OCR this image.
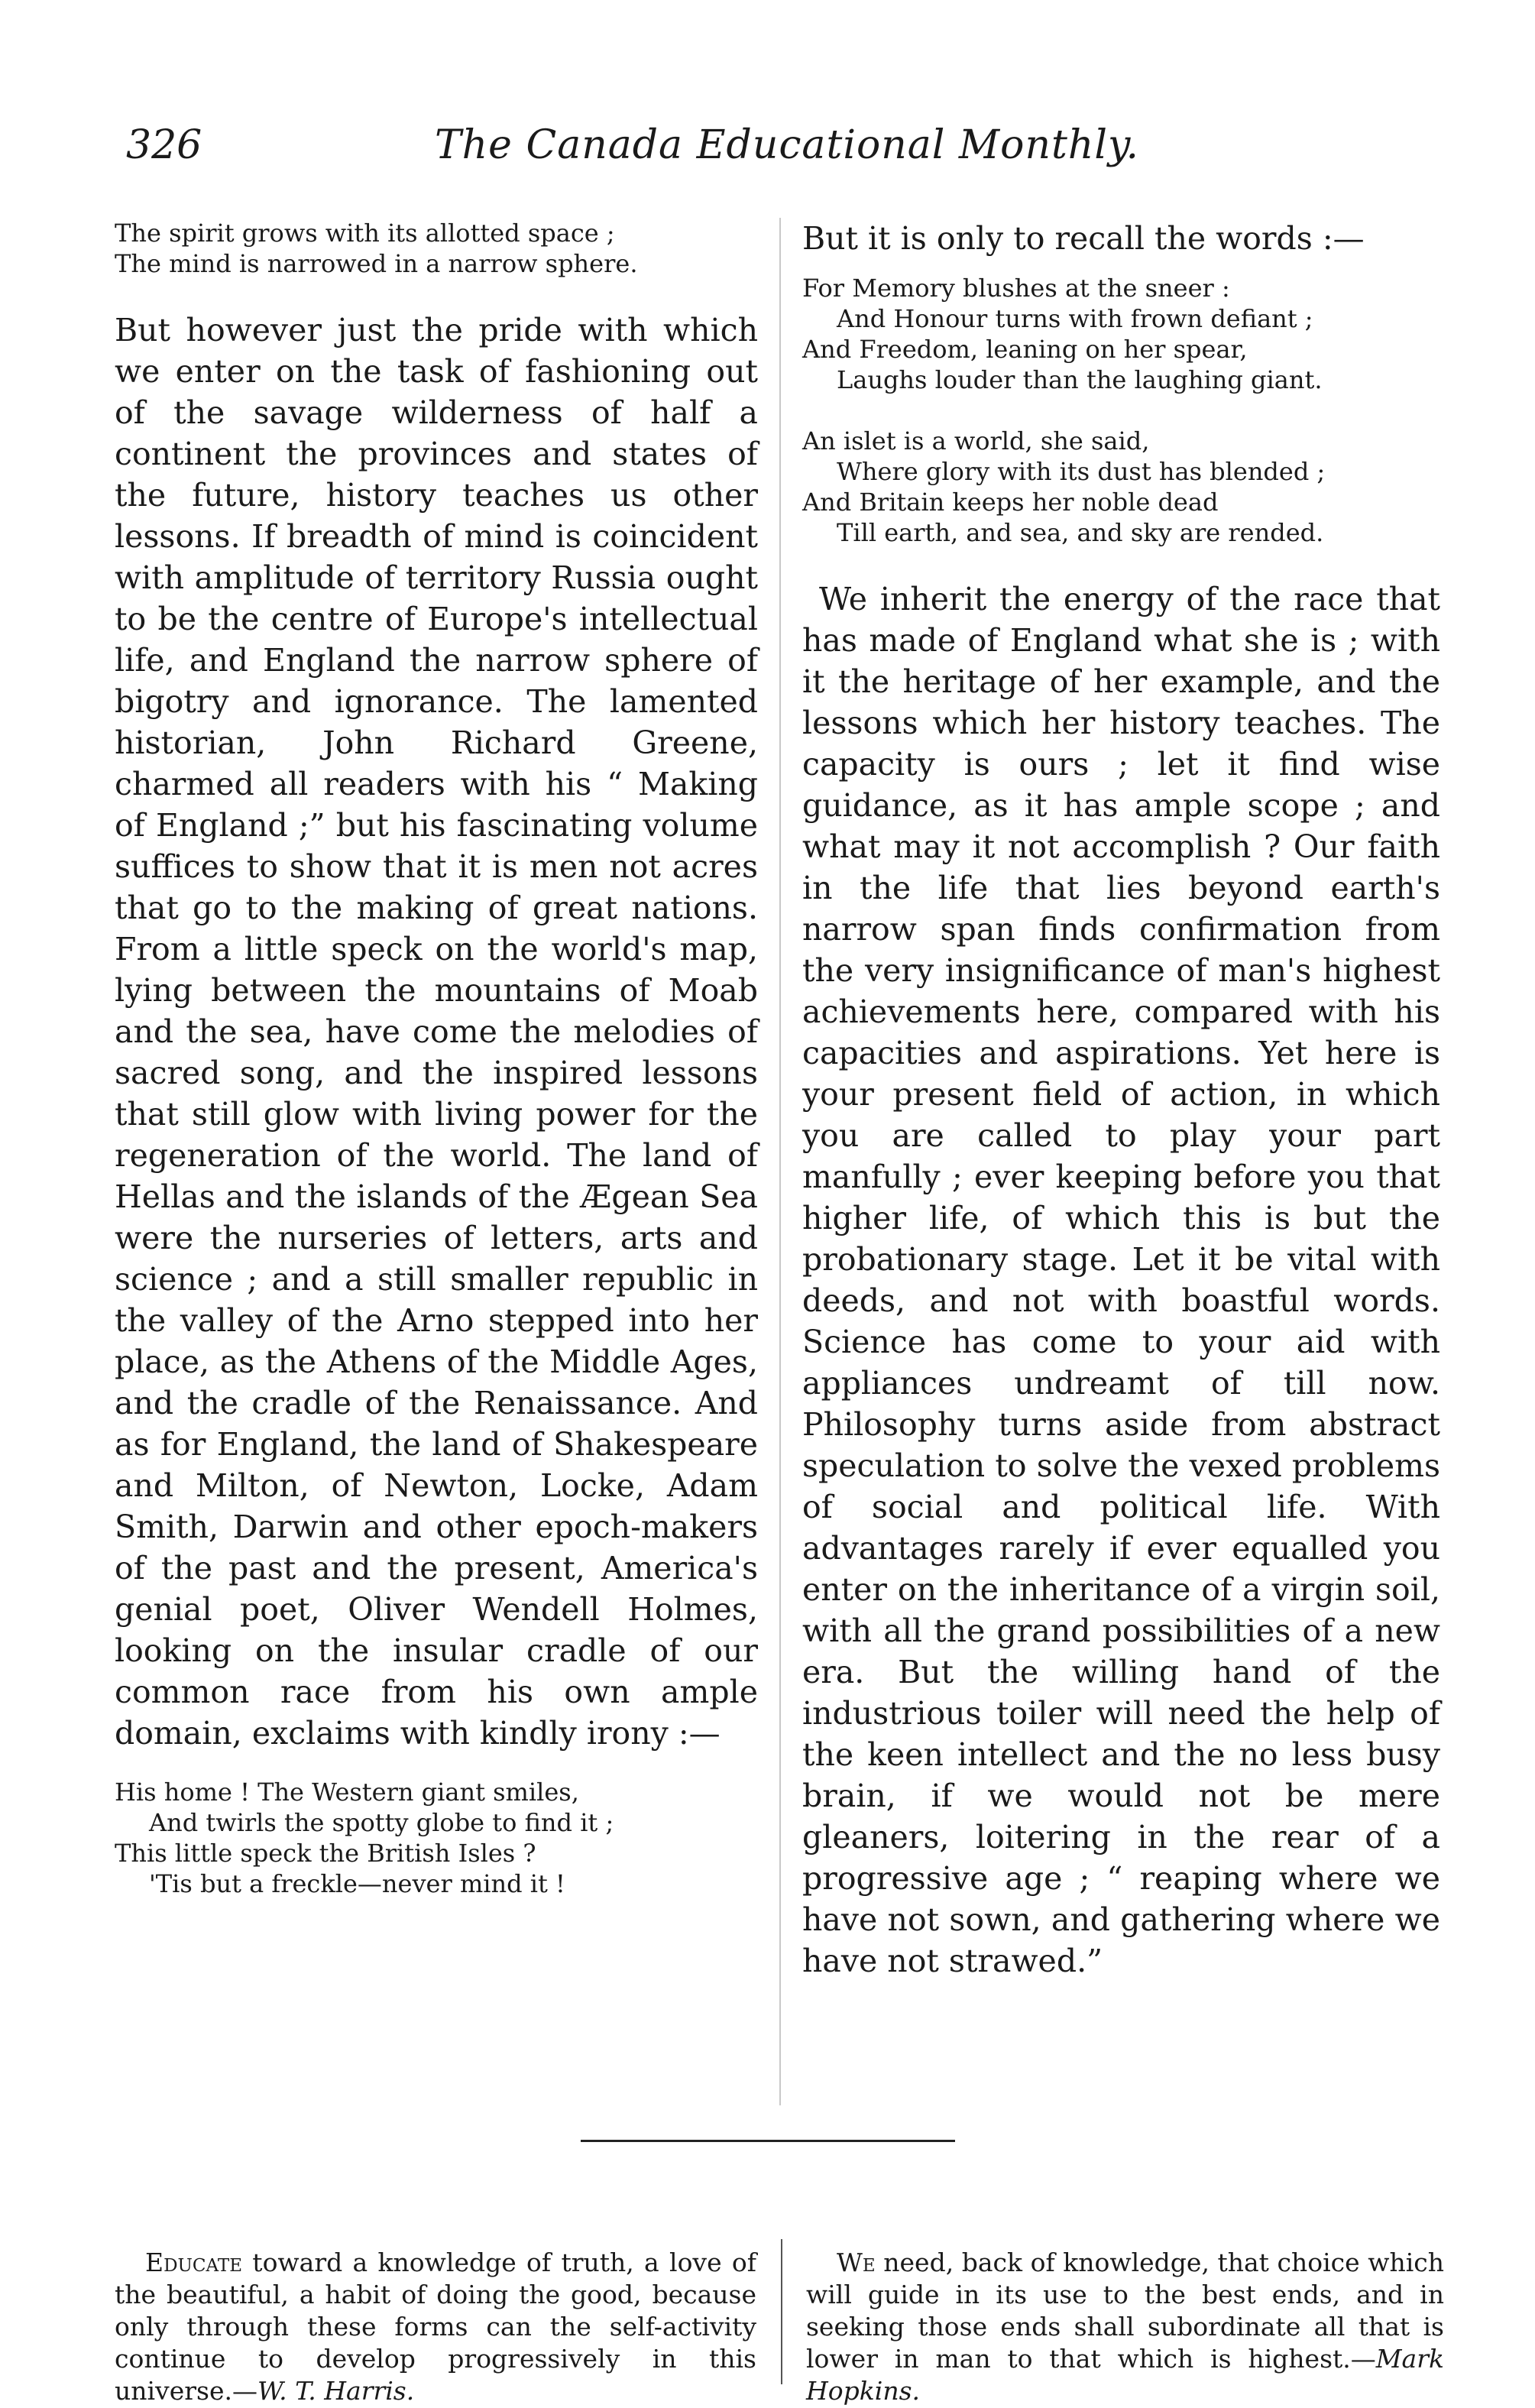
326	The Canada Educational Monthly.
The spirit grows with its allotted space ;
The mind is narrowed in a narrow sphere.

But however just the pride with which we enter on the task of fashioning out of the savage wilderness of half a continent the provinces and states of the future, history teaches us other lessons. If breadth of mind is coincident with amplitude of territory Russia ought to be the centre of Europe's intellectual life, and England the narrow sphere of bigotry and ignorance. The lamented historian, John Richard Greene, charmed all readers with his “ Making of England ;” but his fascinating volume suffices to show that it is men not acres that go to the making of great nations. From a little speck on the world's map, lying between the mountains of Moab and the sea, have come the melodies of sacred song, and the inspired lessons that still glow with living power for the regeneration of the world. The land of Hellas and the islands of the Ægean Sea were the nurseries of letters, arts and science ; and a still smaller republic in the valley of the Arno stepped into her place, as the Athens of the Middle Ages, and the cradle of the Renaissance. And as for England, the land of Shakespeare and Milton, of Newton, Locke, Adam Smith, Darwin and other epoch-makers of the past and the present, America's genial poet, Oliver Wendell Holmes, looking on the insular cradle of our common race from his own ample domain, exclaims with kindly irony :—

His home ! The Western giant smiles,
And twirls the spotty globe to find it ;
This little speck the British Isles ?
'Tis but a freckle—never mind it !

But it is only to recall the words :—

For Memory blushes at the sneer :
And Honour turns with frown defiant ;
And Freedom, leaning on her spear,
Laughs louder than the laughing giant.
An islet is a world, she said,
Where glory with its dust has blended ;
And Britain keeps her noble dead
Till earth, and sea, and sky are rended.

We inherit the energy of the race that has made of England what she is ; with it the heritage of her example, and the lessons which her history teaches. The capacity is ours ; let it find wise guidance, as it has ample scope ; and what may it not accomplish ? Our faith in the life that lies beyond earth's narrow span finds confirmation from the very insignificance of man's highest achievements here, compared with his capacities and aspirations. Yet here is your present field of action, in which you are called to play your part manfully ; ever keeping before you that higher life, of which this is but the probationary stage. Let it be vital with deeds, and not with boastful words. Science has come to your aid with appliances undreamt of till now. Philosophy turns aside from abstract speculation to solve the vexed problems of social and political life. With advantages rarely if ever equalled you enter on the inheritance of a virgin soil, with all the grand possibilities of a new era. But the willing hand of the industrious toiler will need the help of the keen intellect and the no less busy brain, if we would not be mere gleaners, loitering in the rear of a progressive age ; “ reaping where we have not sown, and gathering where we have not strawed.”

Educate toward a knowledge of truth, a love of the beautiful, a habit of doing the good, because only through these forms can the self-activity continue to develop progressively in this universe.—W. T. Harris.
We need, back of knowledge, that choice which will guide in its use to the best ends, and in seeking those ends shall subordinate all that is lower in man to that which is highest.—Mark Hopkins.
